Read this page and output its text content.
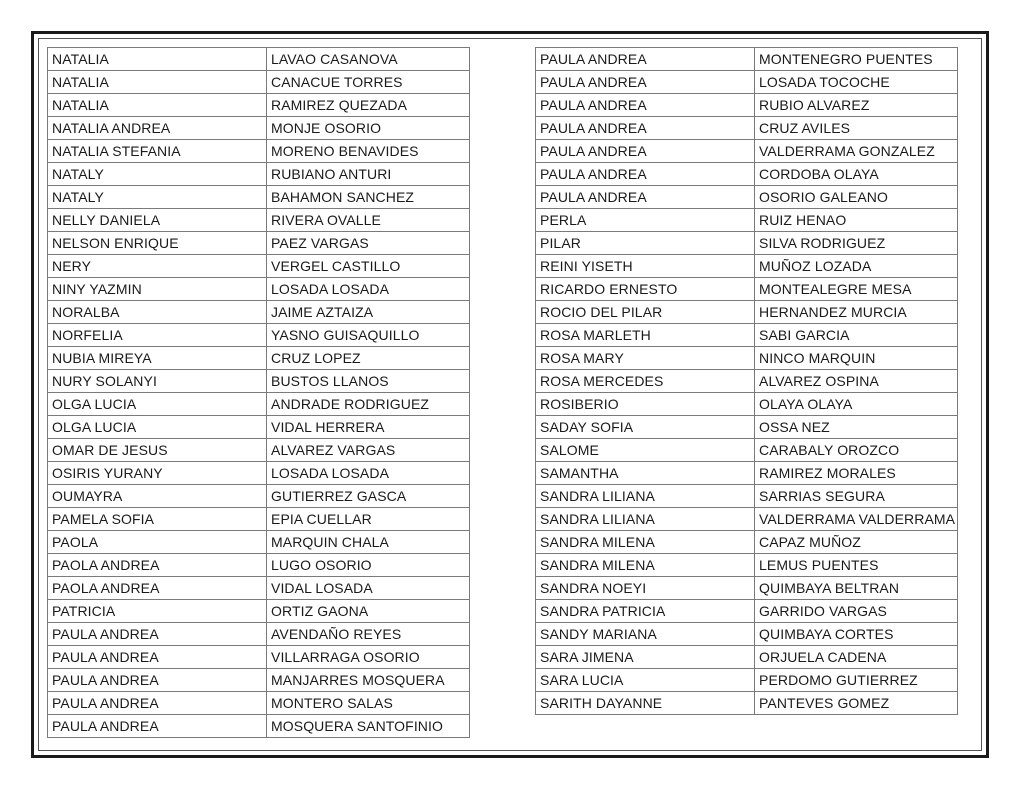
NATALIA	LAVAO CASANOVA
NATALIA	CANACUE TORRES
NATALIA	RAMIREZ QUEZADA
NATALIA ANDREA	MONJE OSORIO
NATALIA STEFANIA	MORENO BENAVIDES
NATALY	RUBIANO ANTURI
NATALY	BAHAMON SANCHEZ
NELLY DANIELA	RIVERA OVALLE
NELSON ENRIQUE	PAEZ VARGAS
NERY	VERGEL CASTILLO
NINY YAZMIN	LOSADA LOSADA
NORALBA	JAIME AZTAIZA
NORFELIA	YASNO GUISAQUILLO
NUBIA MIREYA	CRUZ LOPEZ
NURY SOLANYI	BUSTOS LLANOS
OLGA LUCIA	ANDRADE RODRIGUEZ
OLGA LUCIA	VIDAL HERRERA
OMAR DE JESUS	ALVAREZ VARGAS
OSIRIS YURANY	LOSADA LOSADA
OUMAYRA	GUTIERREZ GASCA
PAMELA SOFIA	EPIA CUELLAR
PAOLA	MARQUIN CHALA
PAOLA ANDREA	LUGO OSORIO
PAOLA ANDREA	VIDAL LOSADA
PATRICIA	ORTIZ GAONA
PAULA ANDREA	AVENDAÑO REYES
PAULA ANDREA	VILLARRAGA OSORIO
PAULA ANDREA	MANJARRES MOSQUERA
PAULA ANDREA	MONTERO SALAS
PAULA ANDREA	MOSQUERA SANTOFINIO
PAULA ANDREA	MONTENEGRO PUENTES
PAULA ANDREA	LOSADA TOCOCHE
PAULA ANDREA	RUBIO ALVAREZ
PAULA ANDREA	CRUZ AVILES
PAULA ANDREA	VALDERRAMA GONZALEZ
PAULA ANDREA	CORDOBA OLAYA
PAULA ANDREA	OSORIO GALEANO
PERLA	RUIZ HENAO
PILAR	SILVA RODRIGUEZ
REINI YISETH	MUÑOZ LOZADA
RICARDO ERNESTO	MONTEALEGRE MESA
ROCIO DEL PILAR	HERNANDEZ MURCIA
ROSA MARLETH	SABI GARCIA
ROSA MARY	NINCO MARQUIN
ROSA MERCEDES	ALVAREZ OSPINA
ROSIBERIO	OLAYA OLAYA
SADAY SOFIA	OSSA NEZ
SALOME	CARABALY OROZCO
SAMANTHA	RAMIREZ MORALES
SANDRA LILIANA	SARRIAS SEGURA
SANDRA LILIANA	VALDERRAMA VALDERRAMA
SANDRA MILENA	CAPAZ MUÑOZ
SANDRA MILENA	LEMUS PUENTES
SANDRA NOEYI	QUIMBAYA BELTRAN
SANDRA PATRICIA	GARRIDO VARGAS
SANDY MARIANA	QUIMBAYA CORTES
SARA JIMENA	ORJUELA CADENA
SARA LUCIA	PERDOMO GUTIERREZ
SARITH DAYANNE	PANTEVES GOMEZ
